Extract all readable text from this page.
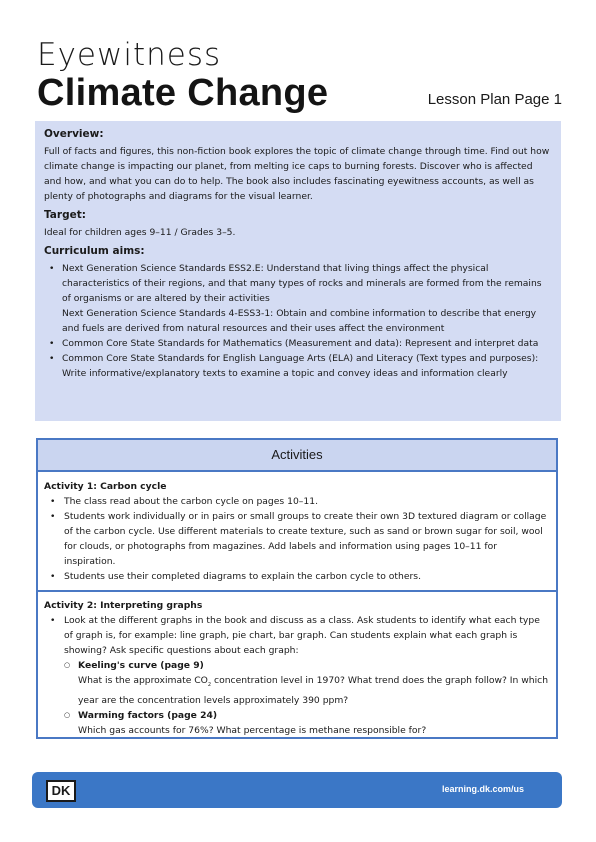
Eyewitness
Climate Change	Lesson Plan Page 1
Overview:
Full of facts and figures, this non-fiction book explores the topic of climate change through time. Find out how climate change is impacting our planet, from melting ice caps to burning forests. Discover who is affected and how, and what you can do to help. The book also includes fascinating eyewitness accounts, as well as plenty of photographs and diagrams for the visual learner.
Target:
Ideal for children ages 9–11 / Grades 3–5.
Curriculum aims:
• Next Generation Science Standards ESS2.E: Understand that living things affect the physical characteristics of their regions, and that many types of rocks and minerals are formed from the remains of organisms or are altered by their activities
Next Generation Science Standards 4-ESS3-1: Obtain and combine information to describe that energy and fuels are derived from natural resources and their uses affect the environment
• Common Core State Standards for Mathematics (Measurement and data): Represent and interpret data
• Common Core State Standards for English Language Arts (ELA) and Literacy (Text types and purposes): Write informative/explanatory texts to examine a topic and convey ideas and information clearly
Activities
Activity 1: Carbon cycle
• The class read about the carbon cycle on pages 10–11.
• Students work individually or in pairs or small groups to create their own 3D textured diagram or collage of the carbon cycle. Use different materials to create texture, such as sand or brown sugar for soil, wool for clouds, or photographs from magazines. Add labels and information using pages 10–11 for inspiration.
• Students use their completed diagrams to explain the carbon cycle to others.
Activity 2: Interpreting graphs
• Look at the different graphs in the book and discuss as a class. Ask students to identify what each type of graph is, for example: line graph, pie chart, bar graph. Can students explain what each graph is showing? Ask specific questions about each graph:
○ Keeling's curve (page 9)
What is the approximate $CO_2$ concentration level in 1970? What trend does the graph follow? In which year are the concentration levels approximately 390 ppm?
○ Warming factors (page 24)
Which gas accounts for 76%? What percentage is methane responsible for?
DK	learning.dk.com/us
